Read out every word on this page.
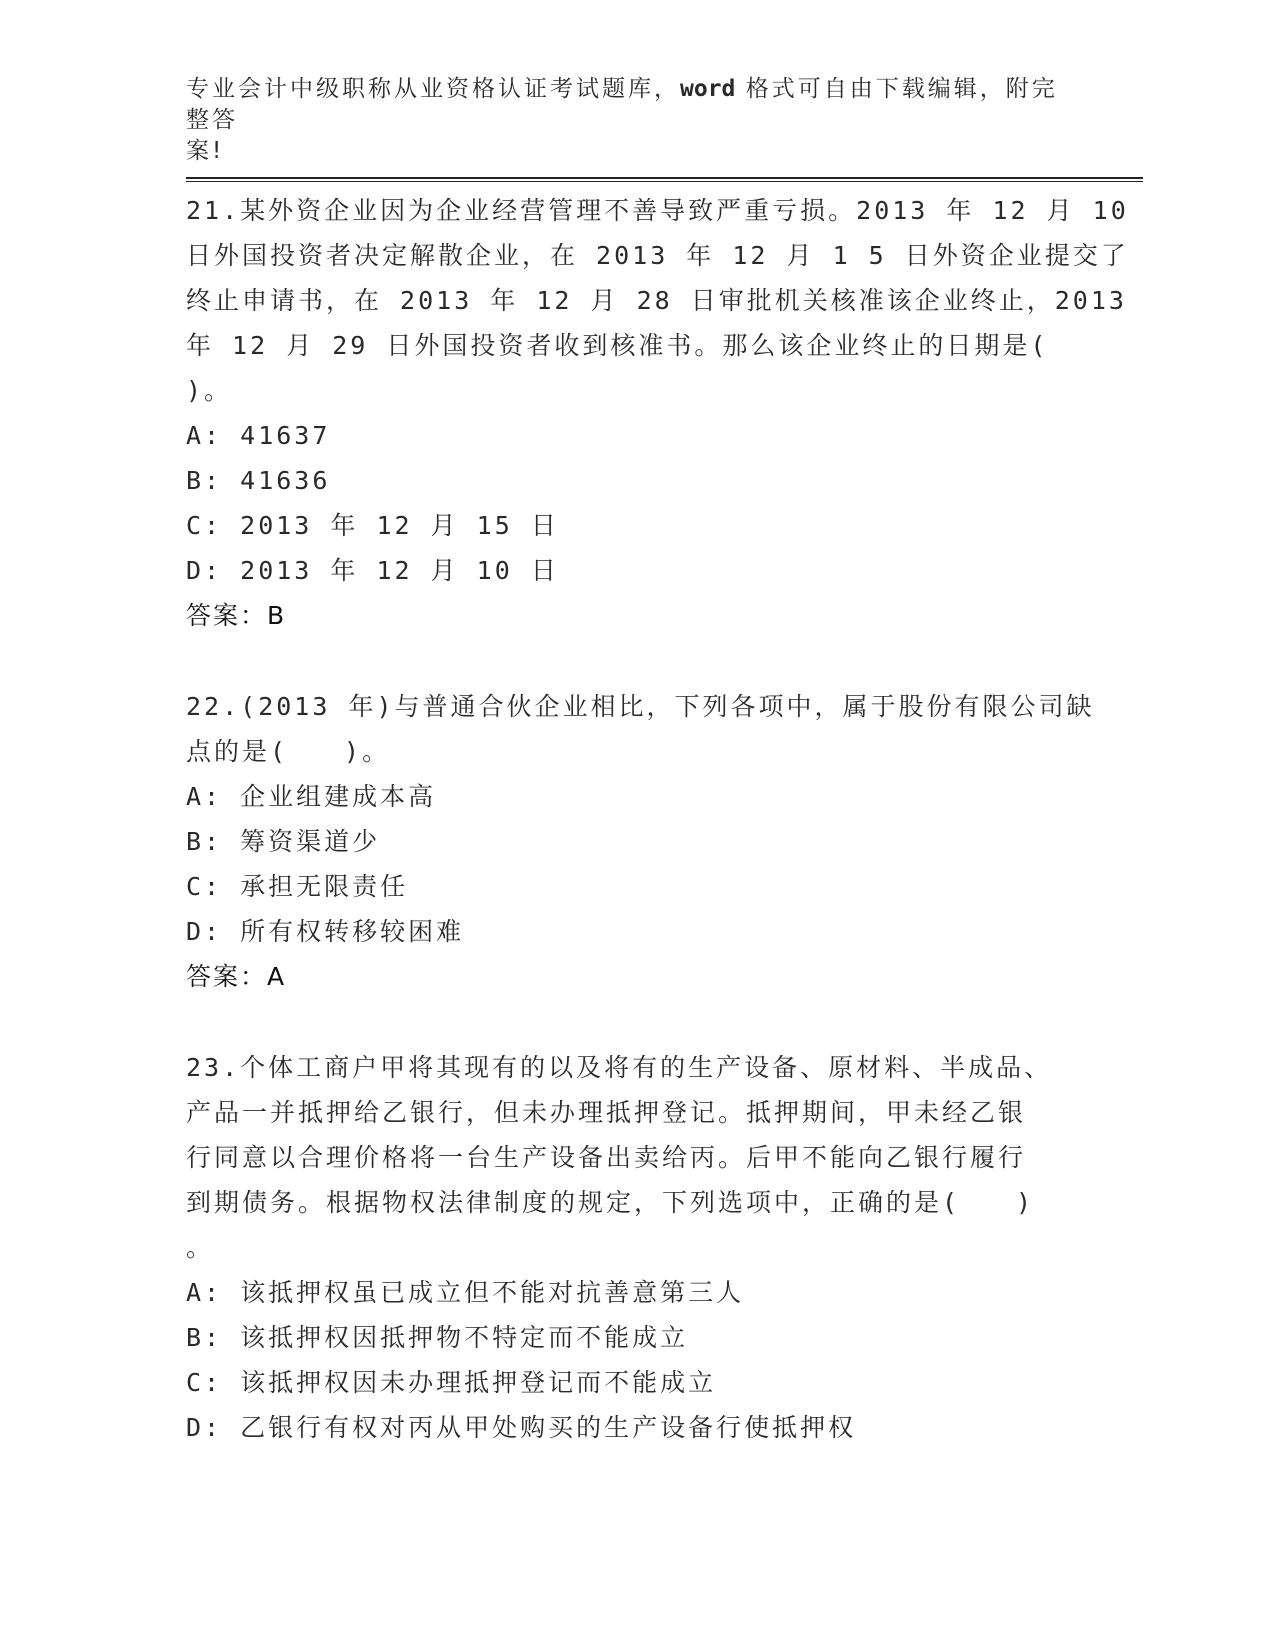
专业会计中级职称从业资格认证考试题库，word 格式可自由下载编辑，附完整答
案!
21.某外资企业因为企业经营管理不善导致严重亏损。2013 年 12 月 10
日外国投资者决定解散企业，在 2013 年 12 月 1 5 日外资企业提交了
终止申请书，在 2013 年 12 月 28 日审批机关核准该企业终止，2013
年 12 月 29 日外国投资者收到核准书。那么该企业终止的日期是(
)。
A: 41637
B: 41636
C: 2013 年 12 月 15 日
D: 2013 年 12 月 10 日
答案：B
22.(2013 年)与普通合伙企业相比，下列各项中，属于股份有限公司缺
点的是(　　)。
A: 企业组建成本高
B: 筹资渠道少
C: 承担无限责任
D: 所有权转移较困难
答案：A
23.个体工商户甲将其现有的以及将有的生产设备、原材料、半成品、
产品一并抵押给乙银行，但未办理抵押登记。抵押期间，甲未经乙银
行同意以合理价格将一台生产设备出卖给丙。后甲不能向乙银行履行
到期债务。根据物权法律制度的规定，下列选项中，正确的是(　　)
。
A: 该抵押权虽已成立但不能对抗善意第三人
B: 该抵押权因抵押物不特定而不能成立
C: 该抵押权因未办理抵押登记而不能成立
D: 乙银行有权对丙从甲处购买的生产设备行使抵押权
